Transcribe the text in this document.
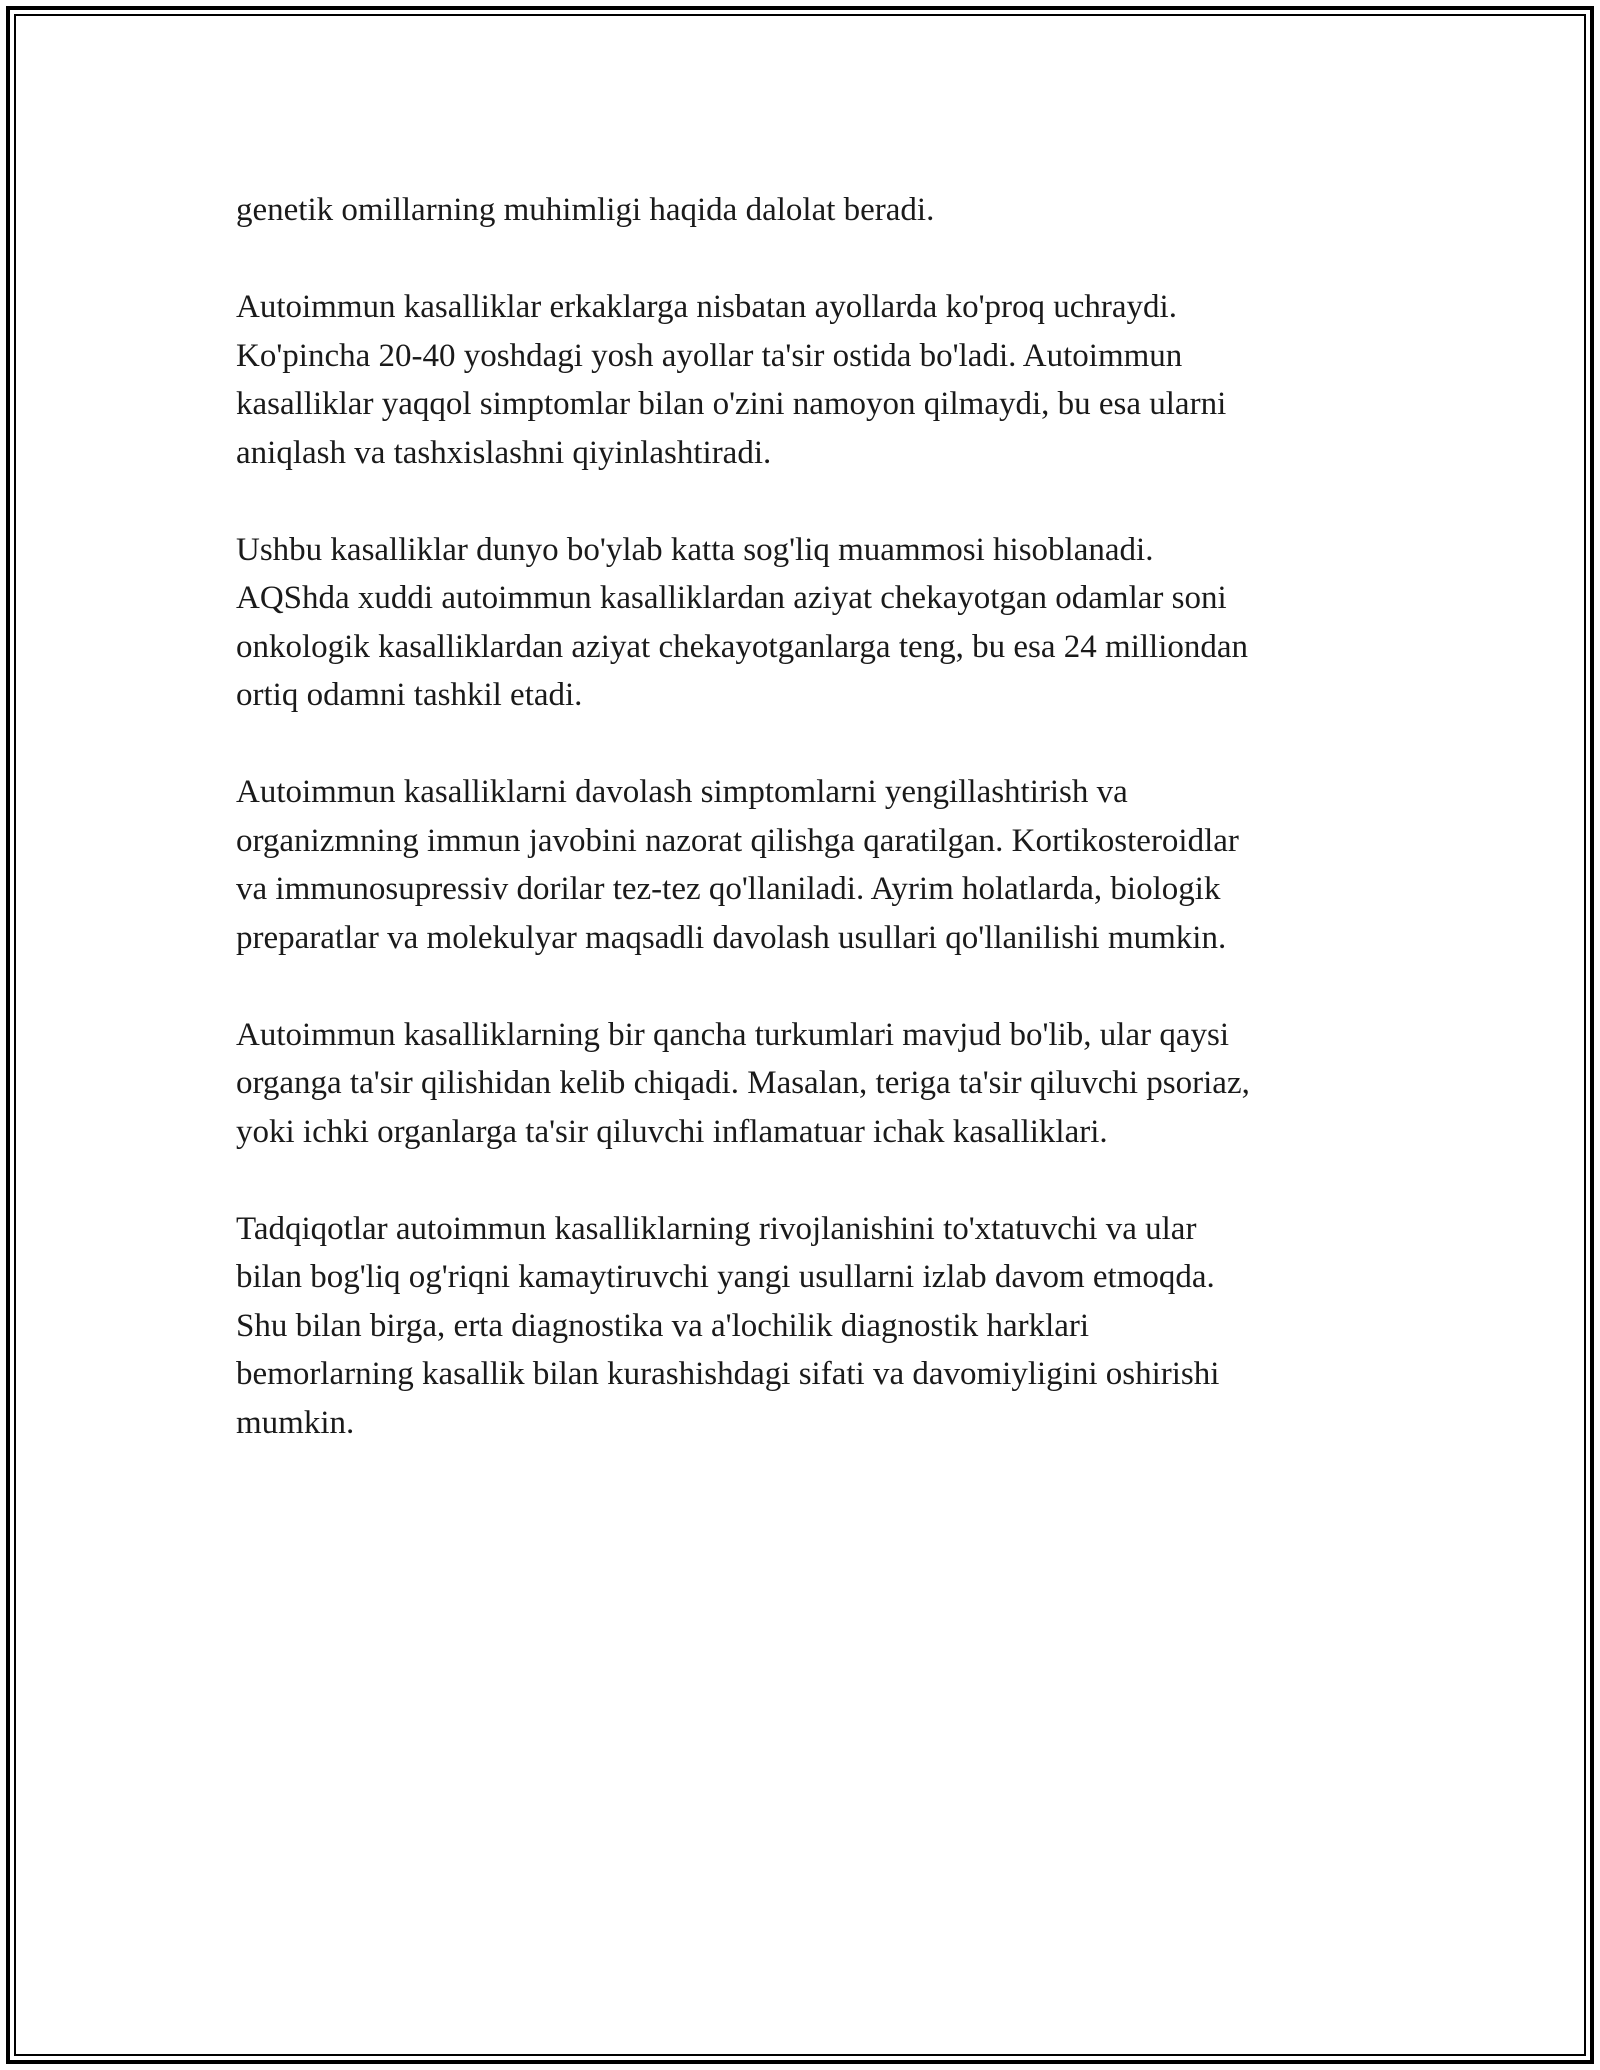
genetik omillarning muhimligi haqida dalolat beradi.

Autoimmun kasalliklar erkaklarga nisbatan ayollarda ko'proq uchraydi.
Ko'pincha 20-40 yoshdagi yosh ayollar ta'sir ostida bo'ladi. Autoimmun
kasalliklar yaqqol simptomlar bilan o'zini namoyon qilmaydi, bu esa ularni
aniqlash va tashxislashni qiyinlashtiradi.

Ushbu kasalliklar dunyo bo'ylab katta sog'liq muammosi hisoblanadi.
AQShda xuddi autoimmun kasalliklardan aziyat chekayotgan odamlar soni
onkologik kasalliklardan aziyat chekayotganlarga teng, bu esa 24 milliondan
ortiq odamni tashkil etadi.

Autoimmun kasalliklarni davolash simptomlarni yengillashtirish va
organizmning immun javobini nazorat qilishga qaratilgan. Kortikosteroidlar
va immunosupressiv dorilar tez-tez qo'llaniladi. Ayrim holatlarda, biologik
preparatlar va molekulyar maqsadli davolash usullari qo'llanilishi mumkin.

Autoimmun kasalliklarning bir qancha turkumlari mavjud bo'lib, ular qaysi
organga ta'sir qilishidan kelib chiqadi. Masalan, teriga ta'sir qiluvchi psoriaz,
yoki ichki organlarga ta'sir qiluvchi inflamatuar ichak kasalliklari.

Tadqiqotlar autoimmun kasalliklarning rivojlanishini to'xtatuvchi va ular
bilan bog'liq og'riqni kamaytiruvchi yangi usullarni izlab davom etmoqda.
Shu bilan birga, erta diagnostika va a'lochilik diagnostik harklari
bemorlarning kasallik bilan kurashishdagi sifati va davomiyligini oshirishi
mumkin.
